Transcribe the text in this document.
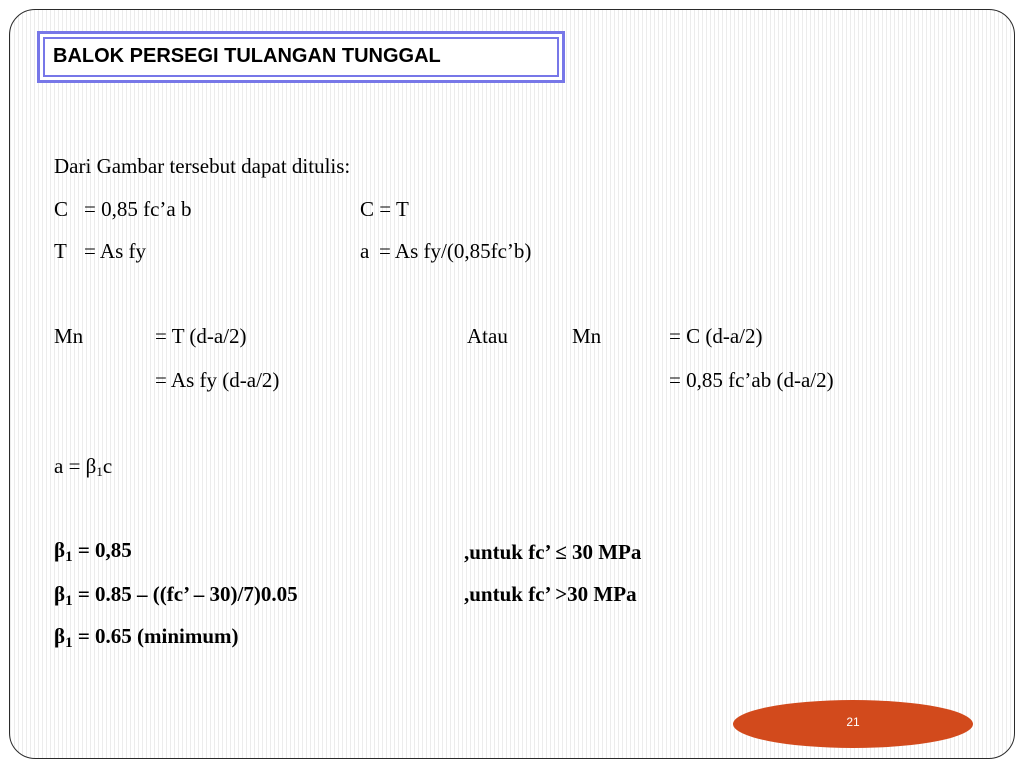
BALOK PERSEGI TULANGAN TUNGGAL
Dari Gambar tersebut dapat ditulis:
C = 0,85 fc’a b	C = T
T = As fy	a = As fy/(0,85fc’b)
Mn	= T (d-a/2)	Atau	Mn	= C (d-a/2)
= As fy (d-a/2)	= 0,85 fc’ab (d-a/2)
a = β1c
β1 = 0,85	,untuk fc’ ≤ 30 MPa
β1 = 0.85 – ((fc’ – 30)/7)0.05	,untuk fc’ >30 MPa
β1 = 0.65 (minimum)
21
